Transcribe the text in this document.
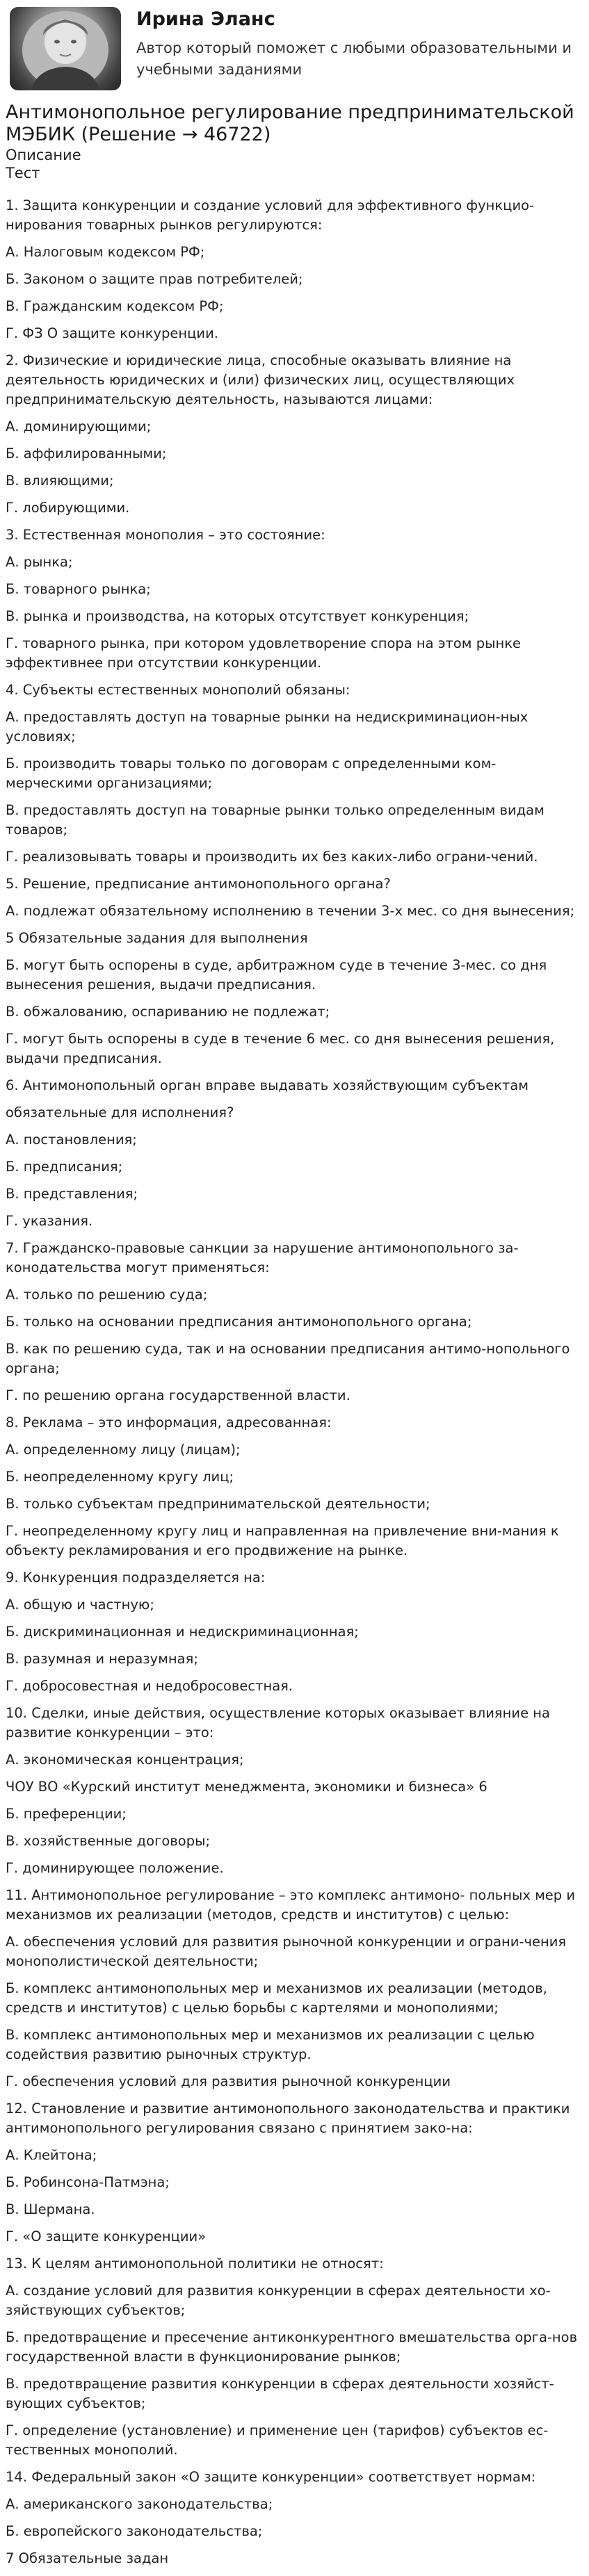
Ирина Эланс
Автор который поможет с любыми образовательными и учебными заданиями
Антимонопольное регулирование предпринимательской МЭБИК (Решение → 46722)
Описание
Тест

1. Защита конкуренции и создание условий для эффективного функцио-нирования товарных рынков регулируются:

А. Налоговым кодексом РФ;

Б. Законом о защите прав потребителей;

В. Гражданским кодексом РФ;

Г. ФЗ О защите конкуренции.

2. Физические и юридические лица, способные оказывать влияние на деятельность юридических и (или) физических лиц, осуществляющих предпринимательскую деятельность, называются лицами:

А. доминирующими;

Б. аффилированными;

В. влияющими;

Г. лобирующими.

3. Естественная монополия – это состояние:

А. рынка;

Б. товарного рынка;

В. рынка и производства, на которых отсутствует конкуренция;

Г. товарного рынка, при котором удовлетворение спора на этом рынке эффективнее при отсутствии конкуренции.

4. Субъекты естественных монополий обязаны:

А. предоставлять доступ на товарные рынки на недискриминацион-ных условиях;

Б. производить товары только по договорам с определенными ком-мерческими организациями;

В. предоставлять доступ на товарные рынки только определенным видам товаров;

Г. реализовывать товары и производить их без каких-либо ограни-чений.

5. Решение, предписание антимонопольного органа?

А. подлежат обязательному исполнению в течении 3-х мес. со дня вынесения;

5 Обязательные задания для выполнения

Б. могут быть оспорены в суде, арбитражном суде в течение 3-мес. со дня вынесения решения, выдачи предписания.

В. обжалованию, оспариванию не подлежат;

Г. могут быть оспорены в суде в течение 6 мес. со дня вынесения решения, выдачи предписания.

6. Антимонопольный орган вправе выдавать хозяйствующим субъектам

обязательные для исполнения?

А. постановления;

Б. предписания;

В. представления;

Г. указания.

7. Гражданско-правовые санкции за нарушение антимонопольного за-конодательства могут применяться:

А. только по решению суда;

Б. только на основании предписания антимонопольного органа;

В. как по решению суда, так и на основании предписания антимо-нопольного органа;

Г. по решению органа государственной власти.

8. Реклама – это информация, адресованная:

А. определенному лицу (лицам);

Б. неопределенному кругу лиц;

В. только субъектам предпринимательской деятельности;

Г. неопределенному кругу лиц и направленная на привлечение вни-мания к объекту рекламирования и его продвижение на рынке.

9. Конкуренция подразделяется на:

А. общую и частную;

Б. дискриминационная и недискриминационная;

В. разумная и неразумная;

Г. добросовестная и недобросовестная.

10. Сделки, иные действия, осуществление которых оказывает влияние на развитие конкуренции – это:

А. экономическая концентрация;

ЧОУ ВО «Курский институт менеджмента, экономики и бизнеса» 6

Б. преференции;

В. хозяйственные договоры;

Г. доминирующее положение.

11. Антимонопольное регулирование – это комплекс антимоно- польных мер и механизмов их реализации (методов, средств и институтов) с целью:

А. обеспечения условий для развития рыночной конкуренции и ограни-чения монополистической деятельности;

Б. комплекс антимонопольных мер и механизмов их реализации (методов, средств и институтов) с целью борьбы с картелями и монополиями;

В. комплекс антимонопольных мер и механизмов их реализации с целью содействия развитию рыночных структур.

Г. обеспечения условий для развития рыночной конкуренции

12. Становление и развитие антимонопольного законодательства и практики антимонопольного регулирования связано с принятием зако-на:

А. Клейтона;

Б. Робинсона-Патмэна;

В. Шермана.

Г. «О защите конкуренции»

13. К целям антимонопольной политики не относят:

А. создание условий для развития конкуренции в сферах деятельности хо-зяйствующих субъектов;

Б. предотвращение и пресечение антиконкурентного вмешательства орга-нов государственной власти в функционирование рынков;

В. предотвращение развития конкуренции в сферах деятельности хозяйст-вующих субъектов;

Г. определение (установление) и применение цен (тарифов) субъектов ес-тественных монополий.

14. Федеральный закон «О защите конкуренции» соответствует нормам:

А. американского законодательства;

Б. европейского законодательства;

7 Обязательные задан
